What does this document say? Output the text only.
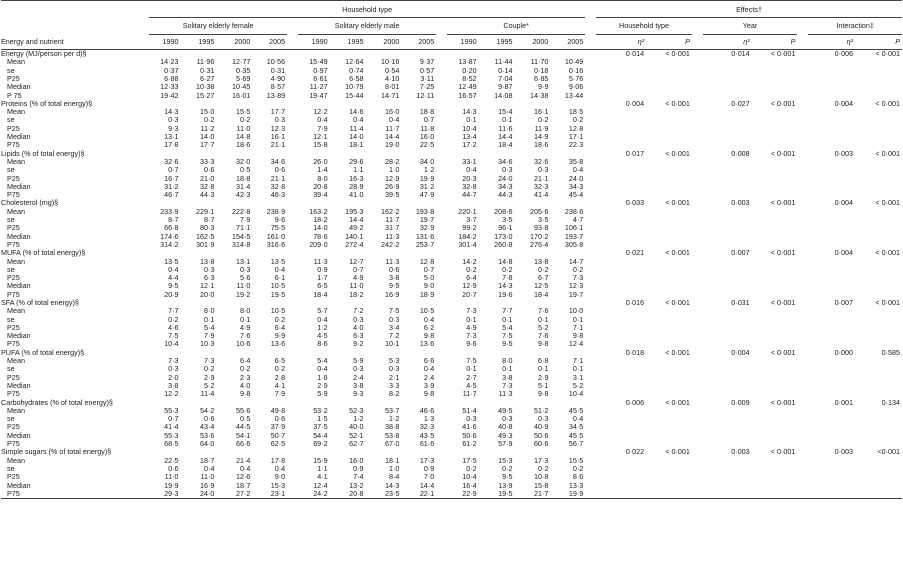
	Household type															Effects†							
	Solitary elderly female					Solitary elderly male					Couple*					Household type			Year			Interaction‡	
Energy and nutrient	1990	1995	2000	2005		1990	1995	2000	2005		1990	1995	2000	2005		η²	P		η²	P		η²	P
Energy (MJ/person per d)§																0·014	< 0·001		0·014	< 0·001		0·006	< 0·001
Mean	14·23	11·96	12·77	10·56		15·49	12·64	10·16	9·37		13·87	11·44	11·70	10·49									
se	0·37	0·31	0·35	0·31		0·97	0·74	0·54	0·57		0·20	0·14	0·18	0·16									
P25	6·88	6·27	5·69	4·90		6·61	6·58	4·10	3·11		8·52	7·04	6·85	5·76									
Median	12·33	10·38	10·45	8·57		11·27	10·79	8·01	7·25		12·49	9·87	9·9	9·06									
P 75	19·42	15·27	16·01	13·89		19·47	15·44	14·71	12·11		16·57	14·08	14·38	13·44									
Proteins (% of total energy)§																0·004	< 0·001		0·027	< 0·001		0·004	< 0·001
Mean	14·3	15·0	15·5	17·7		12·2	14·6	16·0	18·8		14·3	15·4	16·1	18·5									
se	0·3	0·2	0·2	0·3		0·4	0·4	0·4	0·7		0·1	0·1	0·2	0·2									
P25	9·3	11·2	11·0	12·3		7·9	11·4	11·7	11·8		10·4	11·6	11·9	12·8									
Median	13·1	14·0	14·8	16·1		12·1	14·0	14·4	16·0		13·4	14·4	14·9	17·1									
P75	17·8	17·7	18·6	21·1		15·8	18·1	19·0	22·5		17·2	18·4	18·6	22·3									
Lipids (% of total energy)§																0·017	< 0·001		0·008	< 0·001		0·003	< 0·001
Mean	32·6	33·3	32·0	34·6		26·0	29·6	28·2	34·0		33·1	34·6	32·6	35·8									
se	0·7	0·6	0·5	0·6		1·4	1·1	1·0	1·2		0·4	0·3	0·3	0·4									
P25	16·7	21·0	18·8	21·1		8·0	16·3	12·9	19·9		20·3	24·0	21·1	24·0									
Median	31·2	32·8	31·4	32·8		20·8	28·9	26·9	31·2		32·8	34·3	32·3	34·3									
P75	46·7	44·3	42·3	46·3		39·4	41·0	39·5	47·9		44·7	44·3	41·4	45·4									
Cholesterol (mg)§																0·033	< 0·001		0·003	< 0·001		0·004	< 0·001
Mean	233·9	229·1	222·8	238·9		163·2	195·3	162·2	193·8		220·1	208·6	205·6	238·6									
se	8·7	8·7	7·9	9·6		18·2	14·4	11·7	19·7		3·7	3·5	3·5	4·7									
P25	66·8	80·3	71·1	75·5		14·0	49·2	31·7	32·9		99·2	96·1	93·8	106·1									
Median	174·6	162·5	154·5	161·0		78·6	140·1	11·3	131·6		184·2	173·0	170·2	193·7									
P75	314·2	301·9	314·8	316·6		209·0	272·4	242·2	253·7		301·4	260·8	276·4	305·8									
MUFA (% of total energy)§																0·021	< 0·001		0·007	< 0·001		0·004	< 0·001
Mean	13·5	13·8	13·1	13·5		11·3	12·7	11·3	12·8		14·2	14·8	13·8	14·7									
se	0·4	0·3	0·3	0·4		0·9	0·7	0·6	0·7		0·2	0·2	0·2	0·2									
P25	4·4	6·3	5·6	6·1		1·7	4·9	3·8	5·0		6·4	7·8	6·7	7·3									
Median	9·5	12·1	11·0	10·5		6·5	11·0	9·5	9·0		12·9	14·3	12·5	12·3									
P75	20·9	20·0	19·2	19·5		18·4	18·2	16·9	18·9		20·7	19·6	18·4	19·7									
SFA (% of total energy)§																0·016	< 0·001		0·031	< 0·001		0·007	< 0·001
Mean	7·7	8·0	8·0	10·5		5·7	7·2	7·5	10·5		7·3	7·7	7·6	10·0									
se	0·2	0·1	0·1	0·2		0·4	0·3	0·3	0·4		0·1	0·1	0·1	0·1									
P25	4·6	5·4	4·9	6·4		1·2	4·0	3·4	6·2		4·9	5·4	5·2	7·1									
Median	7·5	7·9	7·6	9·9		4·5	6·3	7·2	9·8		7·3	7·5	7·6	9·8									
P75	10·4	10·3	10·6	13·6		8·6	9·2	10·1	13·6		9·6	9·5	9·8	12·4									
PUFA (% of total energy)§																0·018	< 0·001		0·004	< 0·001		0·000	0·585
Mean	7·3	7·3	6·4	6·5		5·4	5·9	5·3	6·6		7·5	8·0	6·8	7·1									
se	0·3	0·2	0·2	0·2		0·4	0·3	0·3	0·4		0·1	0·1	0·1	0·1									
P25	2·0	2·9	2·3	2·8		1·8	2·4	2·1	2·4		2·7	3·8	2·9	3·1									
Median	3·8	5·2	4·0	4·1		2·9	3·8	3·3	3·9		4·5	7·3	5·1	5·2									
P75	12·2	11·4	9·8	7·9		5·9	9·3	8·2	9·8		11·7	11·3	9·8	10·4									
Carbohydrates (% of total energy)§																0·006	< 0·001		0·009	< 0·001		0·001	0·134
Mean	55·3	54·2	55·6	49·8		53·2	52·3	53·7	46·6		51·4	49·5	51·2	45·5									
se	0·7	0·6	0·5	0·6		1·5	1·2	1·2	1·3		0·3	0·3	0·3	0·4									
P25	41·4	43·4	44·5	37·9		37·5	40·0	38·8	32·3		41·6	40·8	40·9	34·5									
Median	55·3	53·6	54·1	50·7		54·4	52·1	53·8	43·5		50·6	49·3	50·6	45·5									
P75	68·5	64·0	66·6	62·5		69·2	62·7	67·0	61·6		61·2	57·9	60·6	56·7									
Simple sugars (% of total energy)§																0·022	< 0·001		0·003	< 0·001		0·003	<0·001
Mean	22·5	18·7	21·4	17·8		15·9	16·0	18·1	17·3		17·5	15·3	17·3	15·5									
se	0·6	0·4	0·4	0·4		1·1	0·9	1·0	0·9		0·2	0·2	0·2	0·2									
P25	11·0	11·0	12·6	9·0		4·1	7·4	8·4	7·0		10·4	9·5	10·8	8·6									
Median	19·9	16·9	18·7	15·3		12·4	13·2	14·3	14·4		16·4	13·9	15·8	13·3									
P75	29·3	24·0	27·2	23·1		24·2	20·8	23·5	22·1		22·9	19·5	21·7	19·9									
